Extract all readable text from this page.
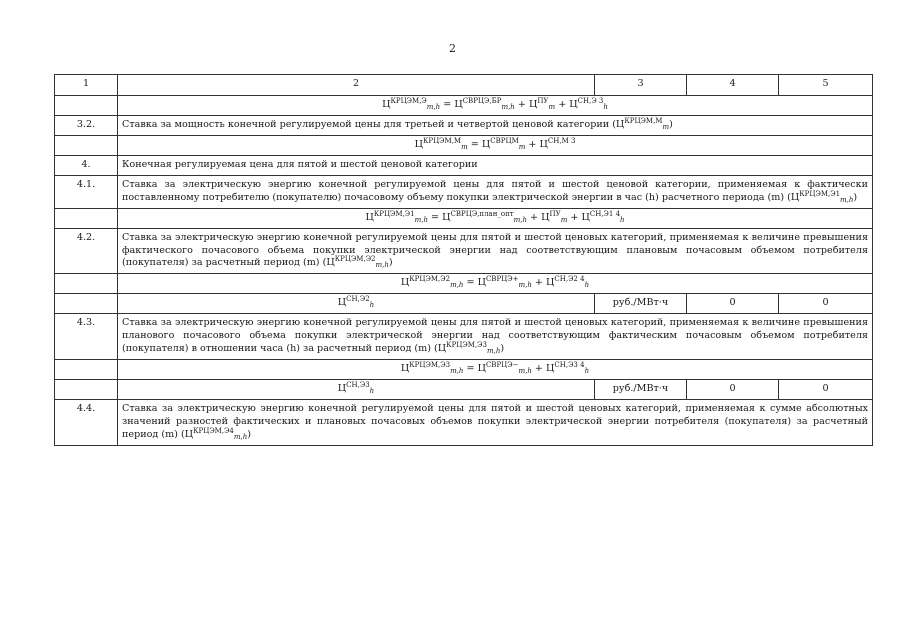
2
1	2	3	4	5
	$Ц^{КРЦЭМ,Э}_{m,h} = Ц^{СВРЦЭ,БР}_{m,h} + Ц^{ПУ}_m + Ц^{СН,Э 3}_h$
3.2.	Ставка за мощность конечной регулируемой цены для третьей и четвертой ценовой категории $(Ц^{КРЦЭМ,М}_m)$			
	$Ц^{КРЦЭМ,М}_m = Ц^{СВРЦМ}_m + Ц^{СН,М 3}$
4.	Конечная регулируемая цена для пятой и шестой ценовой категории			
4.1.	Ставка за электрическую энергию конечной регулируемой цены для пятой и шестой ценовой категории, применяемая к фактически поставленному потребителю (покупателю) почасовому объему покупки электрической энергии в час (h) расчетного периода (m) $(Ц^{КРЦЭМ,Э1}_{m,h})$			
	$Ц^{КРЦЭМ,Э1}_{m,h} = Ц^{СВРЦЭ,план\_опт}_{m,h} + Ц^{ПУ}_m + Ц^{СН,Э1 4}_h$
4.2.	Ставка за электрическую энергию конечной регулируемой цены для пятой и шестой ценовых категорий, применяемая к величине превышения фактического почасового объема покупки электрической энергии над соответствующим плановым почасовым объемом потребителя (покупателя) за расчетный период (m) $(Ц^{КРЦЭМ,Э2}_{m,h})$			
	$Ц^{КРЦЭМ,Э2}_{m,h} = Ц^{СВРЦЭ+}_{m,h} + Ц^{СН,Э2 4}_h$
	$Ц^{СН,Э2}_h$	руб./МВт·ч	0	0
4.3.	Ставка за электрическую энергию конечной регулируемой цены для пятой и шестой ценовых категорий, применяемая к величине превышения планового почасового объема покупки электрической энергии над соответствующим фактическим почасовым объемом потребителя (покупателя) в отношении часа (h) за расчетный период (m) $(Ц^{КРЦЭМ,Э3}_{m,h})$			
	$Ц^{КРЦЭМ,Э3}_{m,h} = Ц^{СВРЦЭ-}_{m,h} + Ц^{СН,Э3 4}_h$
	$Ц^{СН,Э3}_h$	руб./МВт·ч	0	0
4.4.	Ставка за электрическую энергию конечной регулируемой цены для пятой и шестой ценовых категорий, применяемая к сумме абсолютных значений разностей фактических и плановых почасовых объемов покупки электрической энергии потребителя (покупателя) за расчетный период (m) $(Ц^{КРЦЭМ,Э4}_{m,h})$			
